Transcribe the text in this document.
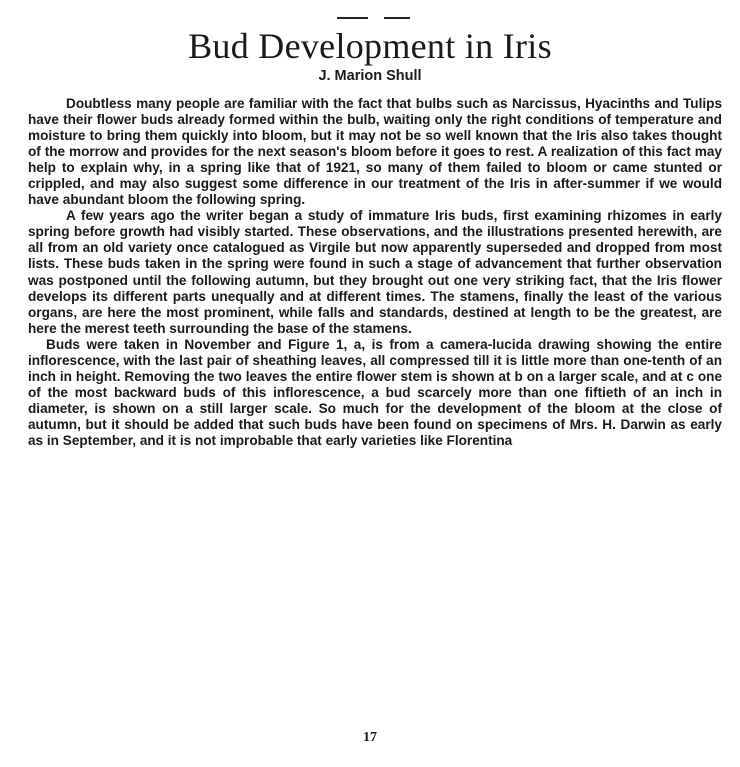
Bud Development in Iris
J. Marion Shull

Doubtless many people are familiar with the fact that bulbs such as Narcissus, Hyacinths and Tulips have their flower buds already formed within the bulb, waiting only the right conditions of temperature and moisture to bring them quickly into bloom, but it may not be so well known that the Iris also takes thought of the morrow and provides for the next season's bloom before it goes to rest. A realization of this fact may help to explain why, in a spring like that of 1921, so many of them failed to bloom or came stunted or crippled, and may also suggest some difference in our treatment of the Iris in after-summer if we would have abundant bloom the following spring.

A few years ago the writer began a study of immature Iris buds, first examining rhizomes in early spring before growth had visibly started. These observations, and the illustrations presented herewith, are all from an old variety once catalogued as Virgile but now apparently superseded and dropped from most lists. These buds taken in the spring were found in such a stage of advancement that further observation was postponed until the following autumn, but they brought out one very striking fact, that the Iris flower develops its different parts unequally and at different times. The stamens, finally the least of the various organs, are here the most prominent, while falls and standards, destined at length to be the greatest, are here the merest teeth surrounding the base of the stamens.

Buds were taken in November and Figure 1, a, is from a camera-lucida drawing showing the entire inflorescence, with the last pair of sheathing leaves, all compressed till it is little more than one-tenth of an inch in height. Removing the two leaves the entire flower stem is shown at b on a larger scale, and at c one of the most backward buds of this inflorescence, a bud scarcely more than one fiftieth of an inch in diameter, is shown on a still larger scale. So much for the development of the bloom at the close of autumn, but it should be added that such buds have been found on specimens of Mrs. H. Darwin as early as in September, and it is not improbable that early varieties like Florentina

17
